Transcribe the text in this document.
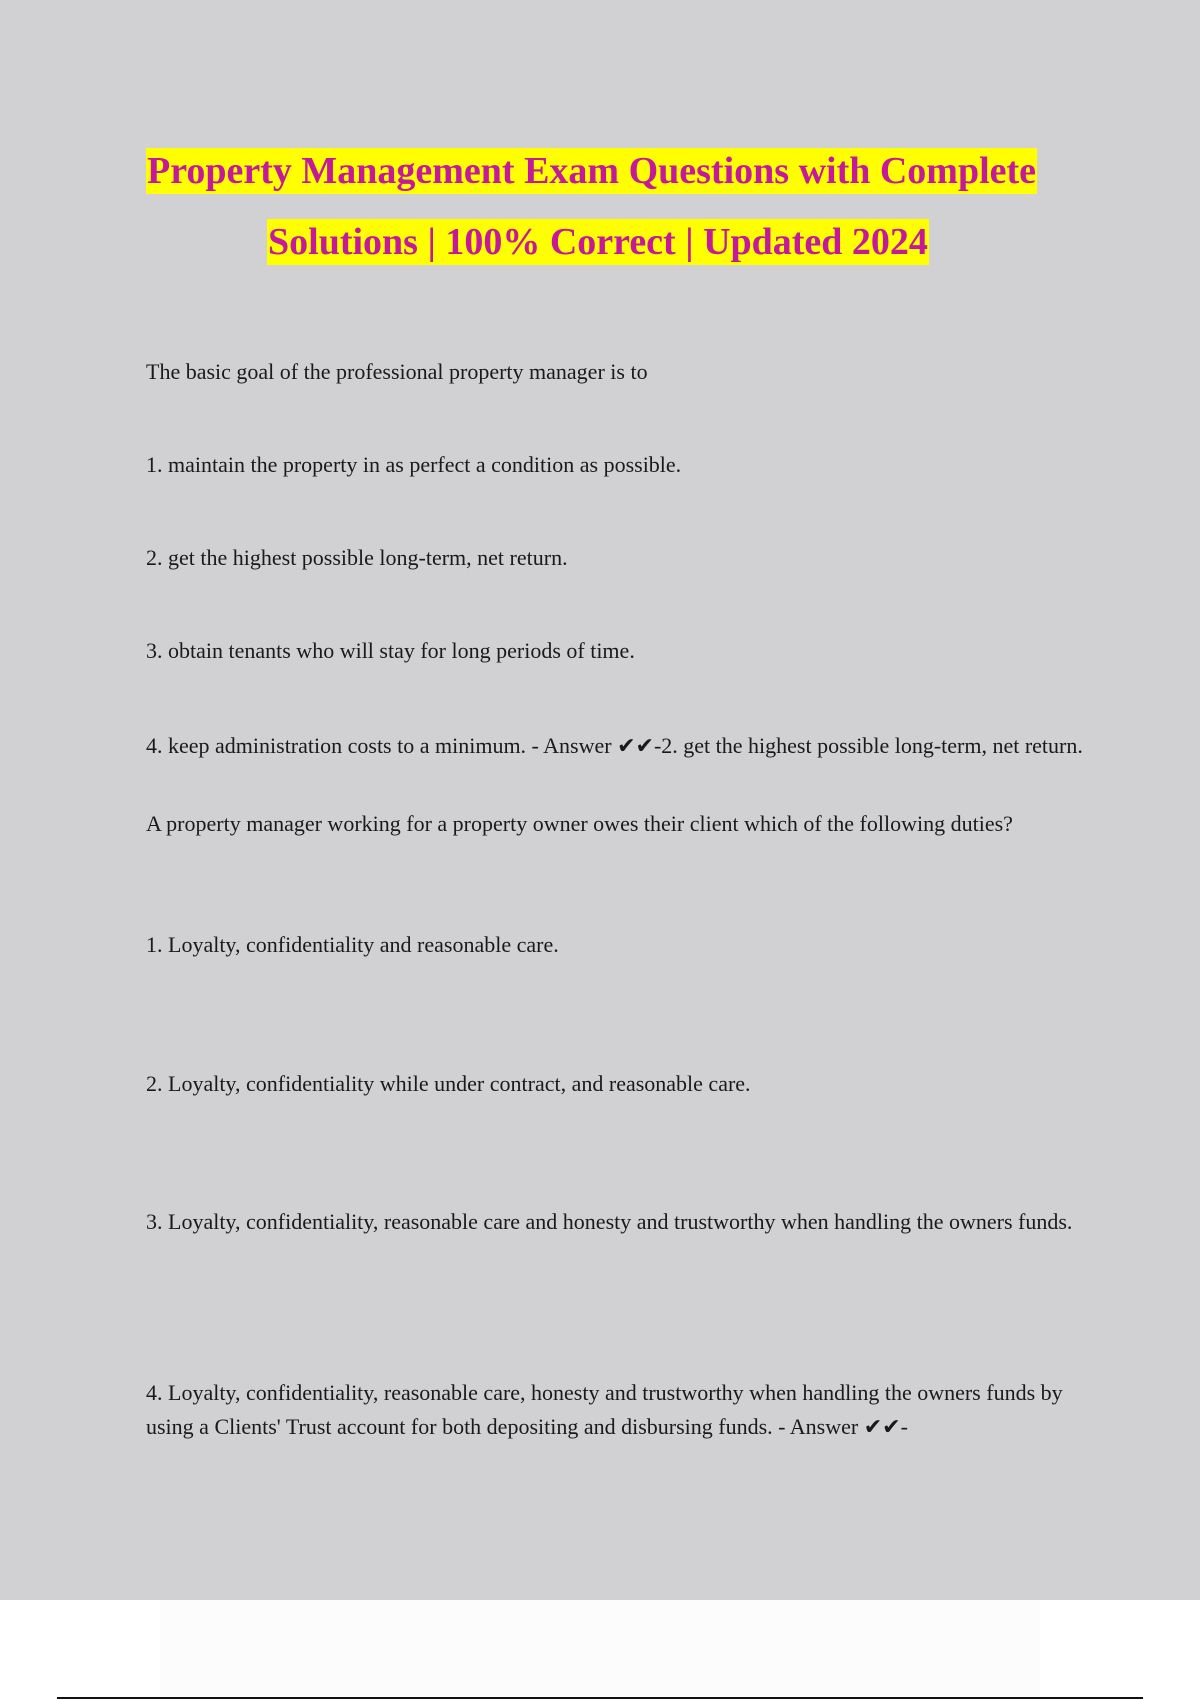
Property Management Exam Questions with Complete
Solutions | 100% Correct | Updated 2024

The basic goal of the professional property manager is to

1. maintain the property in as perfect a condition as possible.

2. get the highest possible long-term, net return.

3. obtain tenants who will stay for long periods of time.

4. keep administration costs to a minimum. - Answer ✔✔-2. get the highest possible long-term, net return.

A property manager working for a property owner owes their client which of the following duties?

1. Loyalty, confidentiality and reasonable care.

2. Loyalty, confidentiality while under contract, and reasonable care.

3. Loyalty, confidentiality, reasonable care and honesty and trustworthy when handling the owners funds.

4. Loyalty, confidentiality, reasonable care, honesty and trustworthy when handling the owners funds by using a Clients' Trust account for both depositing and disbursing funds. - Answer ✔✔-
